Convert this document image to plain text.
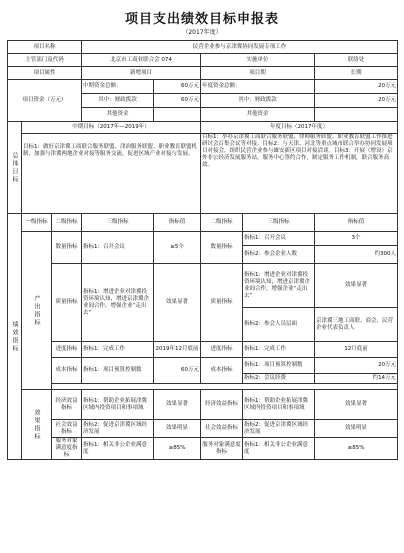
项目支出绩效目标申报表
（2017年度）
项目名称			民营企业参与京津冀协同发展专项工作				
主管部门及代码			北京市工商业联合会 074		实施单位		联络处
项目属性			新增项目		项目期		长期
项目资金（万元）			中期资金总额：	60万元	年度资金总额：		20万元
			其中：财政拨款	60万元	其中：财政拨款		20万元
			其他资金		其他资金		
总体目标	中期目标（2017年—2019年）				年度目标（2017年度）		
	目标1：做好京津冀工商联合服务联盟、津治服务联盟、职业教育联盟机制，加强与津冀两地企业对接等服务交流，促进区域产业对接与发展。				目标1：举办京津冀工商联合服务联盟、律师服务联盟、职业教育联盟工作推进研讨会召集会议等对接。目标2：与天津、河北等重点城市联合举办协同发展项目对接会，组织民营企业参与雄安新区项目对接洽谈。目标3：开展（增设）京外非公经济发展服务站，服务中心签约合作，制定服务工作机制，联合服务高效。		
绩效指标	一级指标	二级指标	三级指标	指标值	二级指标	三级指标	指标值
	产出指标	数量指标	指标1：召开会议	≥5个	数量指标	指标1：召开会议	3个
						指标2：参会企业人数	约300人
		质量指标	指标1：增进企业对津冀投资环境认知，增进京津冀企业间合作，增强企业“走出去”	效果显著	质量指标	指标1：增进企业对津冀投资环境认知，增进京津冀企业间合作，增强企业“走出去”	效果显著
						指标2：参会人员层面	京津冀三地工商联、商会、民营企业代表负责人
		进度指标	指标1：完成工作	2019年12月底前	进度指标	指标1：完成工作	12月底前
		成本指标	指标1：项目预算控制数	60万元	成本指标	指标1：项目预算控制数	20万元
						指标2：会议经费	约14万元

	效果指标	经济效益指标	指标1：帮助企业拓展津冀区域内投资项目和事项域	效果显著	经济效益指标	指标1：帮助企业拓展津冀区域内投资项目和事项域	效果显著
		社会效益指标	指标2：促进京津冀区域经济发展	效果明显	社会效益指标	指标2：促进京津冀区域经济发展	效果明显
		服务对象满意度指标	指标1：相关非公企业满意度	≥85%	服务对象满意度指标	指标1：相关非公企业满意度	≥85%
